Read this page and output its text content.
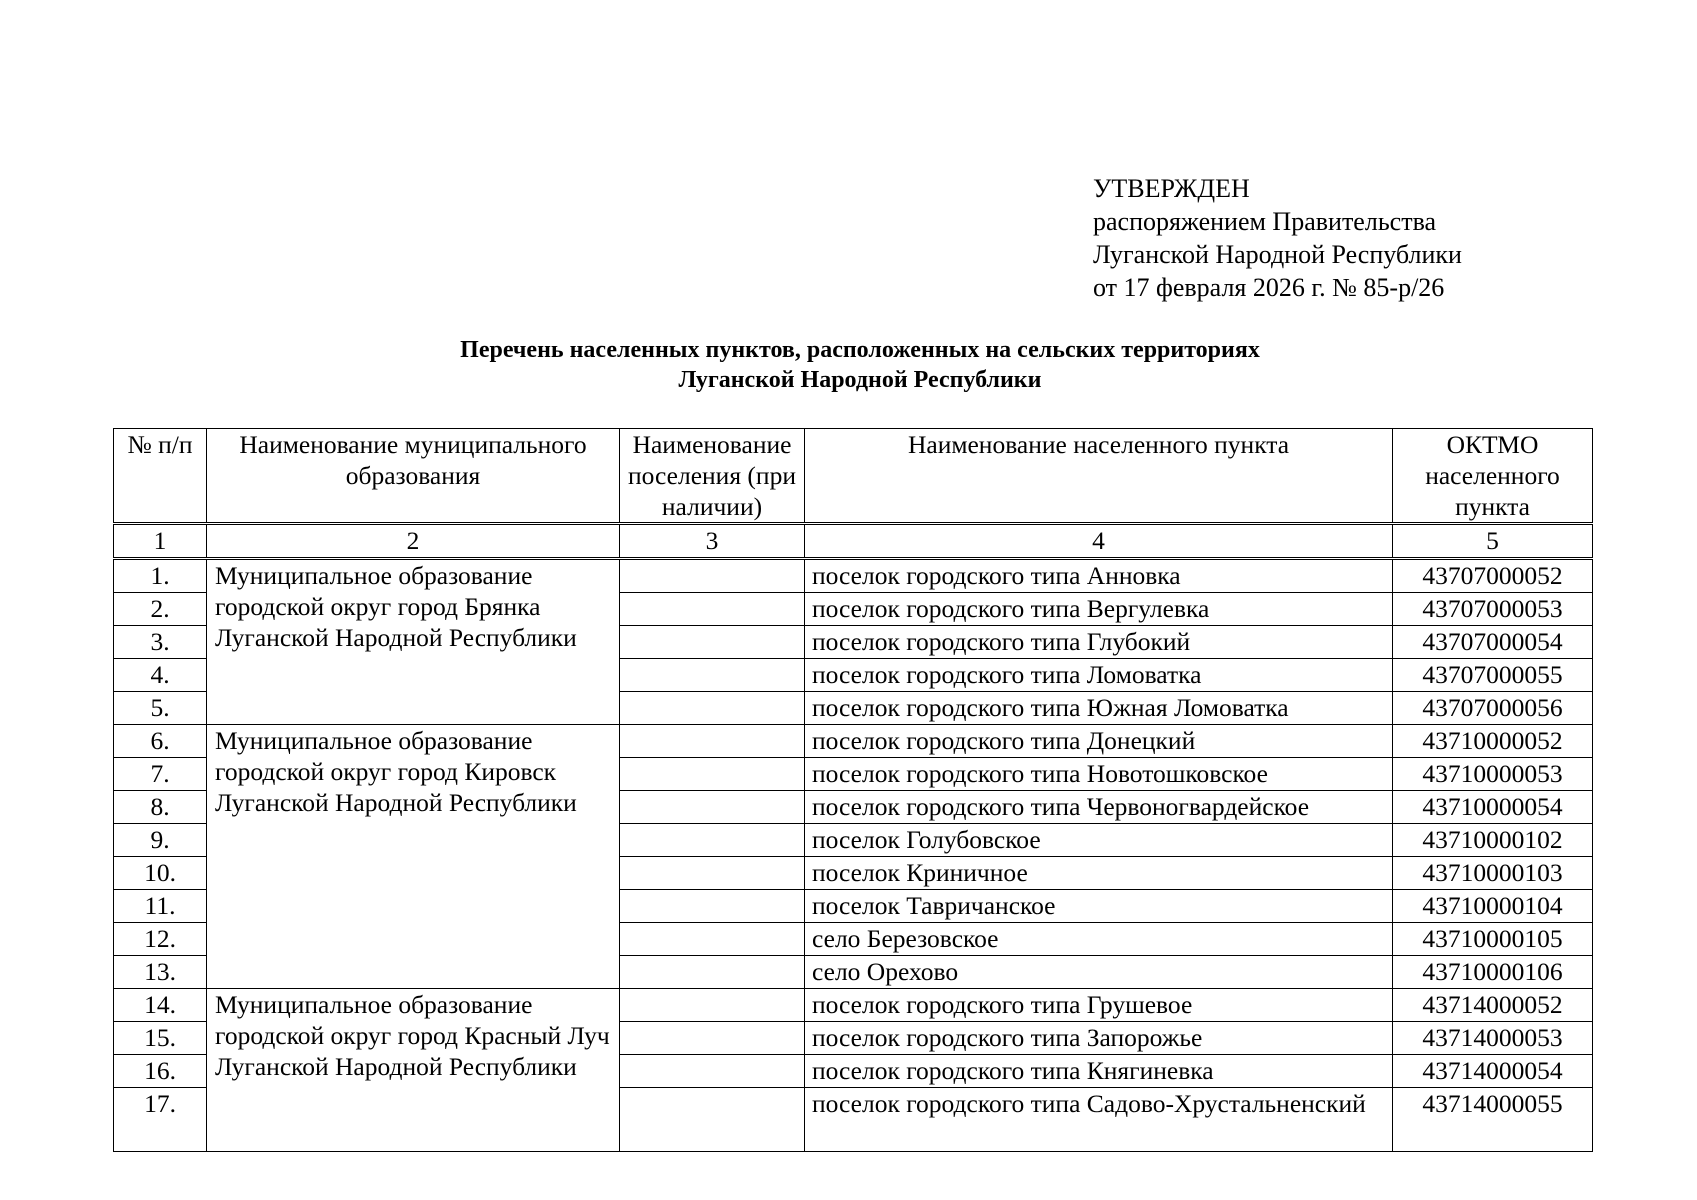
УТВЕРЖДЕН
распоряжением Правительства
Луганской Народной Республики
от 17 февраля 2026 г. № 85-р/26
Перечень населенных пунктов, расположенных на сельских территориях
Луганской Народной Республики
№ п/п	Наименование муниципального образования	Наименование поселения (при наличии)	Наименование населенного пункта	ОКТМО населенного пункта
1	2	3	4	5
1.	Муниципальное образование городской округ город Брянка Луганской Народной Республики		поселок городского типа Анновка	43707000052
2.			поселок городского типа Вергулевка	43707000053
3.			поселок городского типа Глубокий	43707000054
4.			поселок городского типа Ломоватка	43707000055
5.			поселок городского типа Южная Ломоватка	43707000056
6.	Муниципальное образование городской округ город Кировск Луганской Народной Республики		поселок городского типа Донецкий	43710000052
7.			поселок городского типа Новотошковское	43710000053
8.			поселок городского типа Червоногвардейское	43710000054
9.			поселок Голубовское	43710000102
10.			поселок Криничное	43710000103
11.			поселок Тавричанское	43710000104
12.			село Березовское	43710000105
13.			село Орехово	43710000106
14.	Муниципальное образование городской округ город Красный Луч Луганской Народной Республики		поселок городского типа Грушевое	43714000052
15.			поселок городского типа Запорожье	43714000053
16.			поселок городского типа Княгиневка	43714000054
17.			поселок городского типа Садово-Хрустальненский	43714000055
